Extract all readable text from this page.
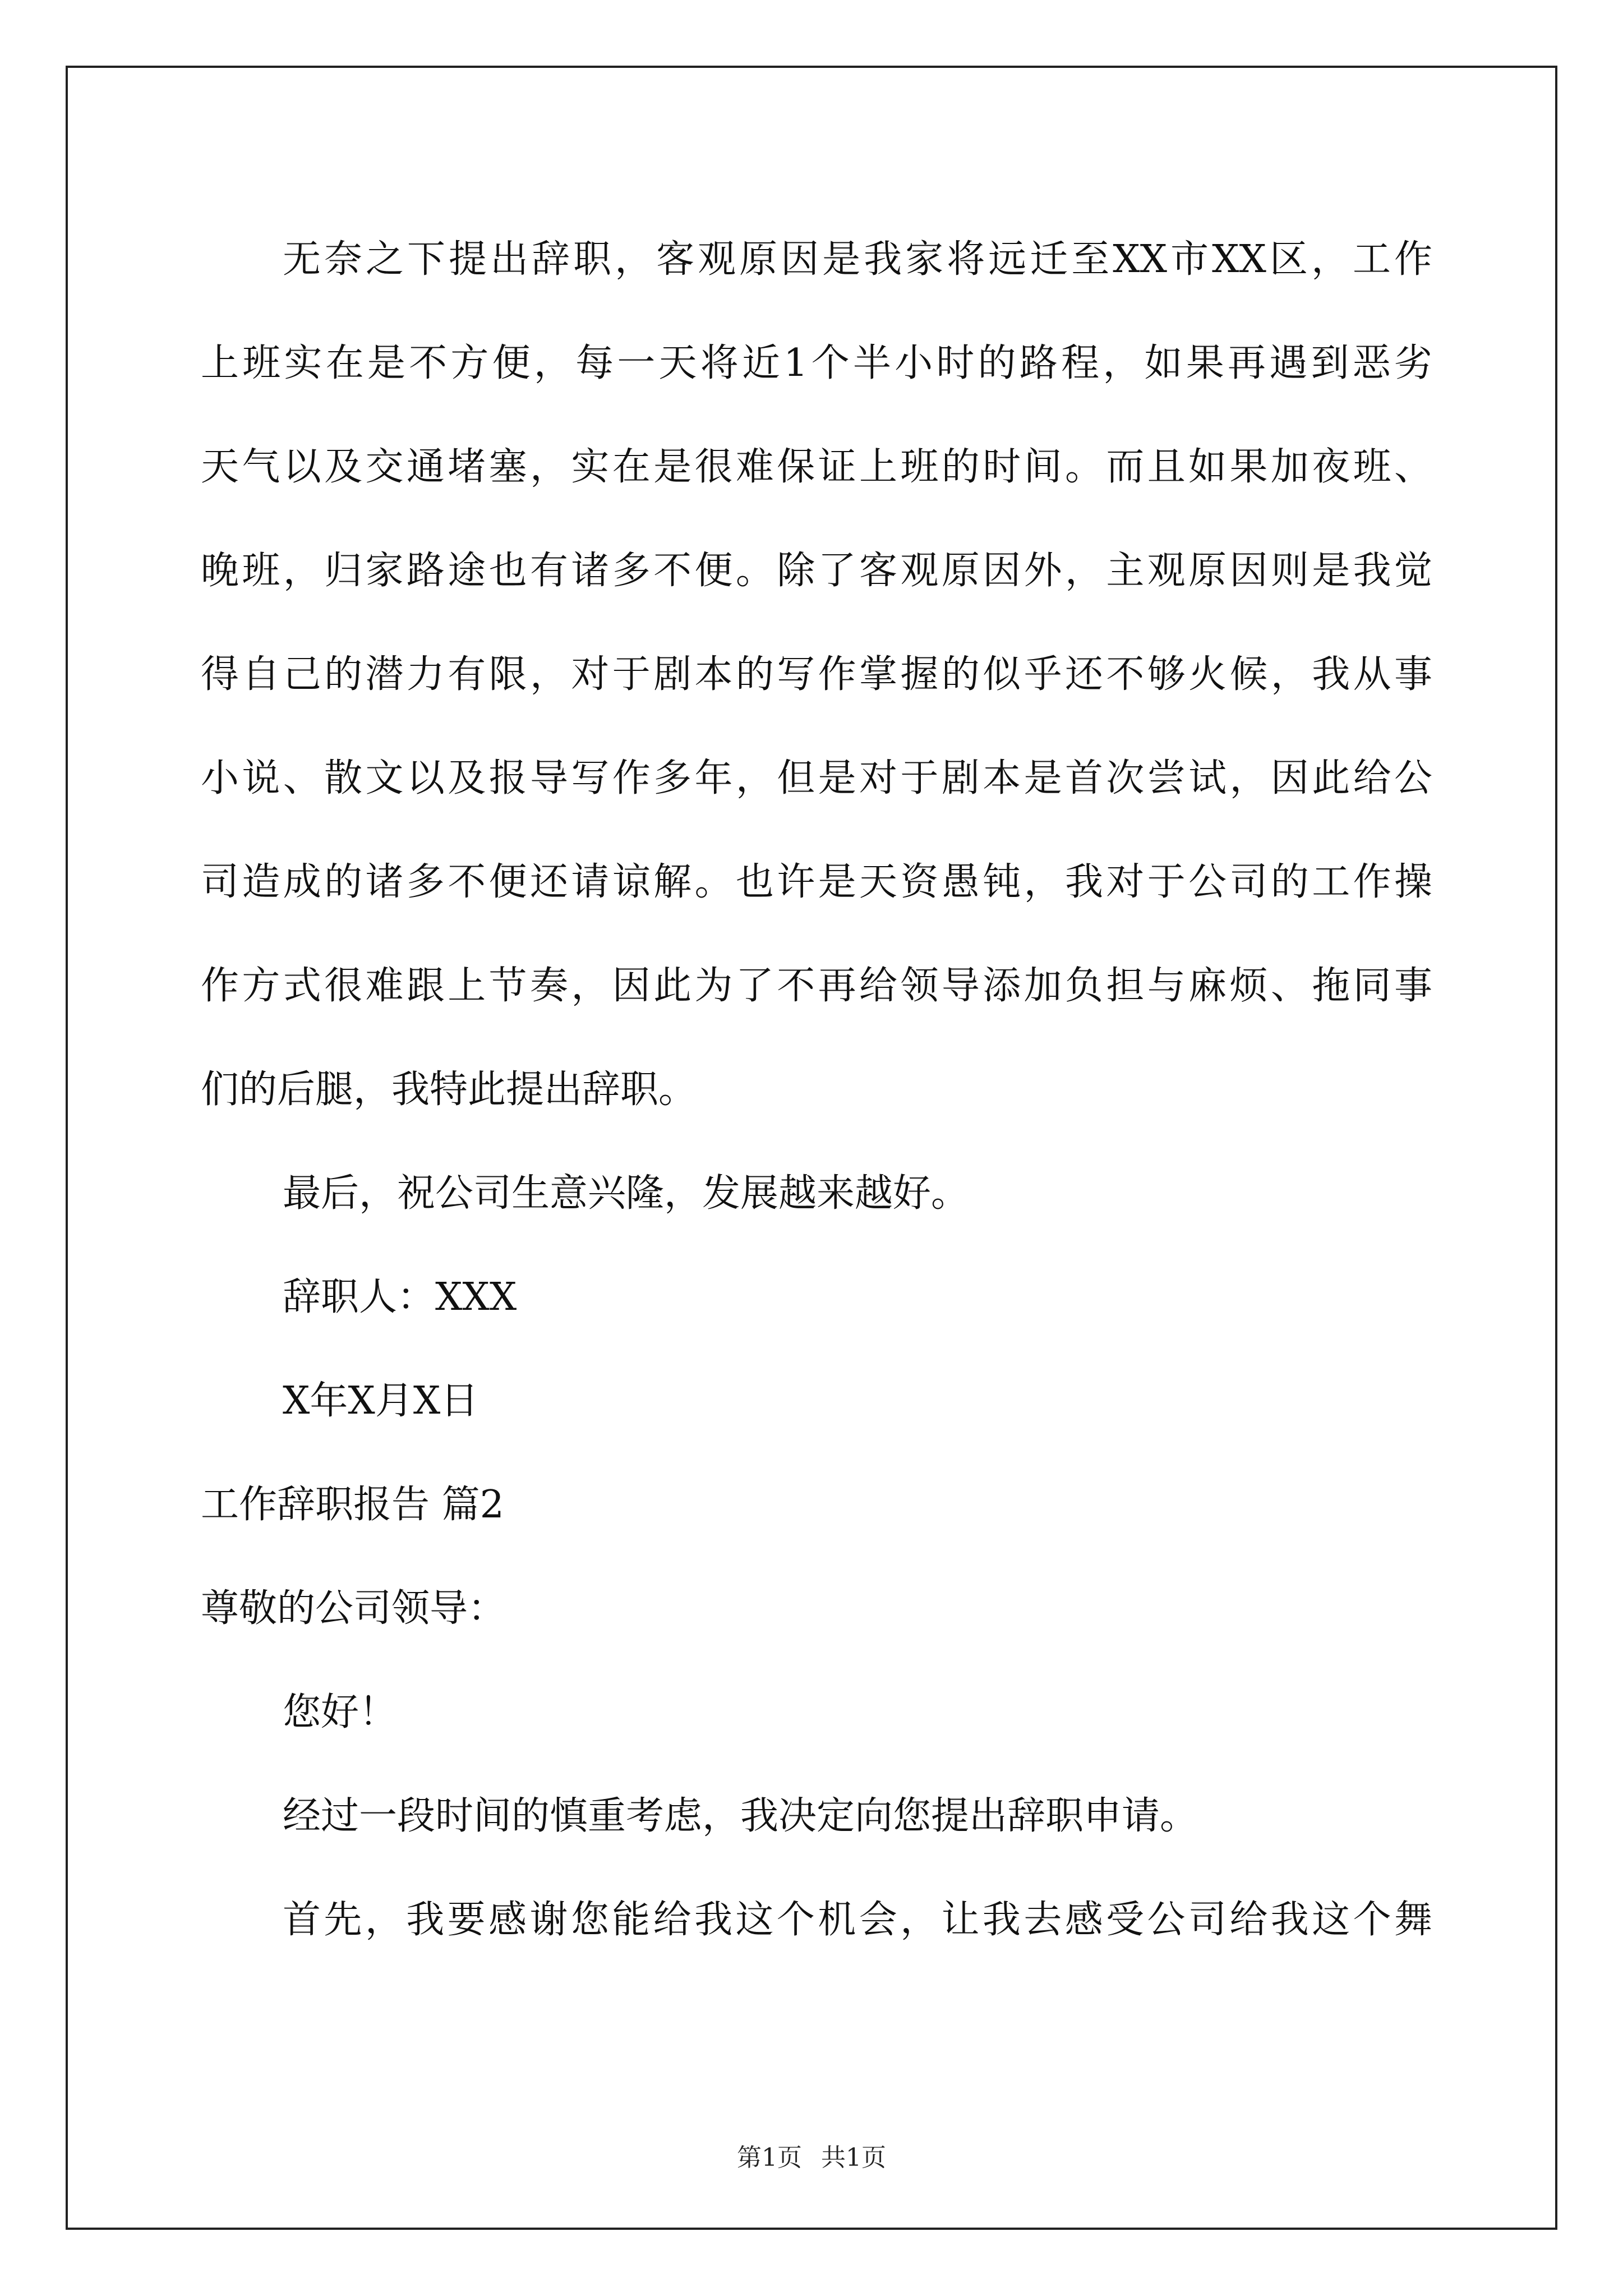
无奈之下提出辞职，客观原因是我家将远迁至XX市XX区，工作
上班实在是不方便，每一天将近1个半小时的路程，如果再遇到恶劣
天气以及交通堵塞，实在是很难保证上班的时间。而且如果加夜班、
晚班，归家路途也有诸多不便。除了客观原因外，主观原因则是我觉
得自己的潜力有限，对于剧本的写作掌握的似乎还不够火候，我从事
小说、散文以及报导写作多年，但是对于剧本是首次尝试，因此给公
司造成的诸多不便还请谅解。也许是天资愚钝，我对于公司的工作操
作方式很难跟上节奏，因此为了不再给领导添加负担与麻烦、拖同事
们的后腿，我特此提出辞职。
最后，祝公司生意兴隆，发展越来越好。
辞职人：XXX
X年X月X日
工作辞职报告 篇2
尊敬的公司领导：
您好！
经过一段时间的慎重考虑，我决定向您提出辞职申请。
首先，我要感谢您能给我这个机会，让我去感受公司给我这个舞
第1页 共1页
